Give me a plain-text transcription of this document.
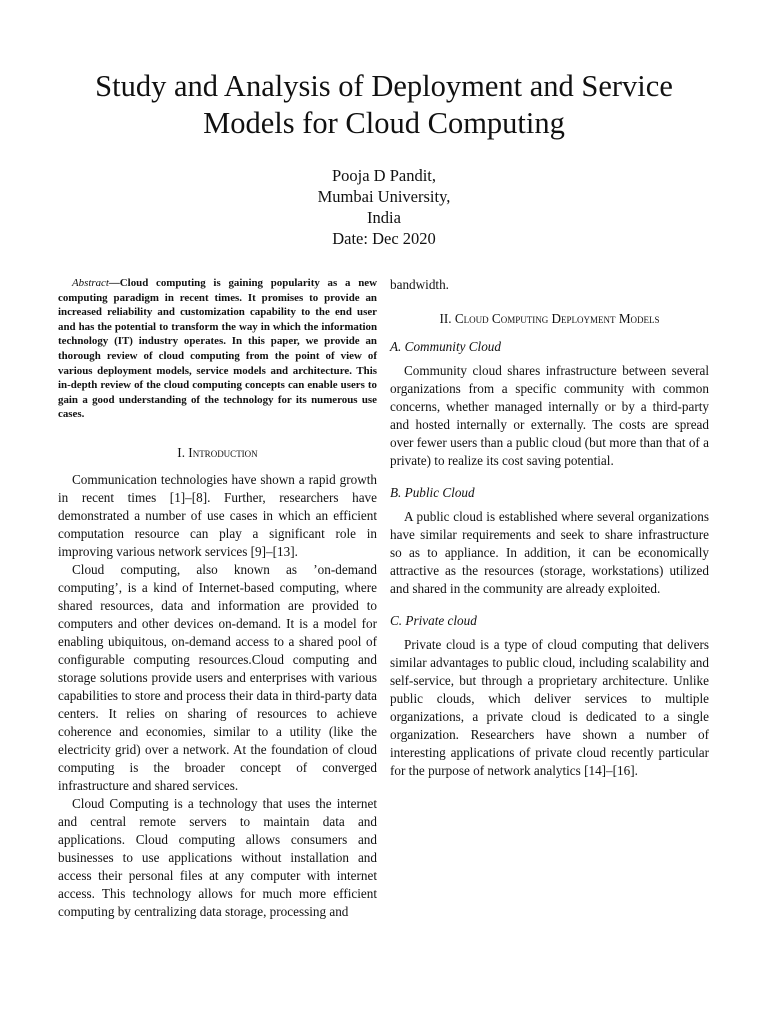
Study and Analysis of Deployment and Service
Models for Cloud Computing
Pooja D Pandit,
Mumbai University,
India
Date: Dec 2020
Abstract—Cloud computing is gaining popularity as a new computing paradigm in recent times. It promises to provide an increased reliability and customization capability to the end user and has the potential to transform the way in which the information technology (IT) industry operates. In this paper, we provide an thorough review of cloud computing from the point of view of various deployment models, service models and architecture. This in-depth review of the cloud computing concepts can enable users to gain a good understanding of the technology for its numerous use cases.
I. Introduction

Communication technologies have shown a rapid growth in recent times [1]–[8]. Further, researchers have demonstrated a number of use cases in which an efficient computation resource can play a significant role in improving various network services [9]–[13].

Cloud computing, also known as ’on-demand computing’, is a kind of Internet-based computing, where shared resources, data and information are provided to computers and other devices on-demand. It is a model for enabling ubiquitous, on-demand access to a shared pool of configurable computing resources.Cloud computing and storage solutions provide users and enterprises with various capabilities to store and process their data in third-party data centers. It relies on sharing of resources to achieve coherence and economies, similar to a utility (like the electricity grid) over a network. At the foundation of cloud computing is the broader concept of converged infrastructure and shared services.

Cloud Computing is a technology that uses the internet and central remote servers to maintain data and applications. Cloud computing allows consumers and businesses to use applications without installation and access their personal files at any computer with internet access. This technology allows for much more efficient computing by centralizing data storage, processing and

bandwidth.

II. Cloud Computing Deployment Models

A. Community Cloud

Community cloud shares infrastructure between several organizations from a specific community with common concerns, whether managed internally or by a third-party and hosted internally or externally. The costs are spread over fewer users than a public cloud (but more than that of a private) to realize its cost saving potential.

B. Public Cloud

A public cloud is established where several organizations have similar requirements and seek to share infrastructure so as to appliance. In addition, it can be economically attractive as the resources (storage, workstations) utilized and shared in the community are already exploited.

C. Private cloud

Private cloud is a type of cloud computing that delivers similar advantages to public cloud, including scalability and self-service, but through a proprietary architecture. Unlike public clouds, which deliver services to multiple organizations, a private cloud is dedicated to a single organization. Researchers have shown a number of interesting applications of private cloud recently particular for the purpose of network analytics [14]–[16].
